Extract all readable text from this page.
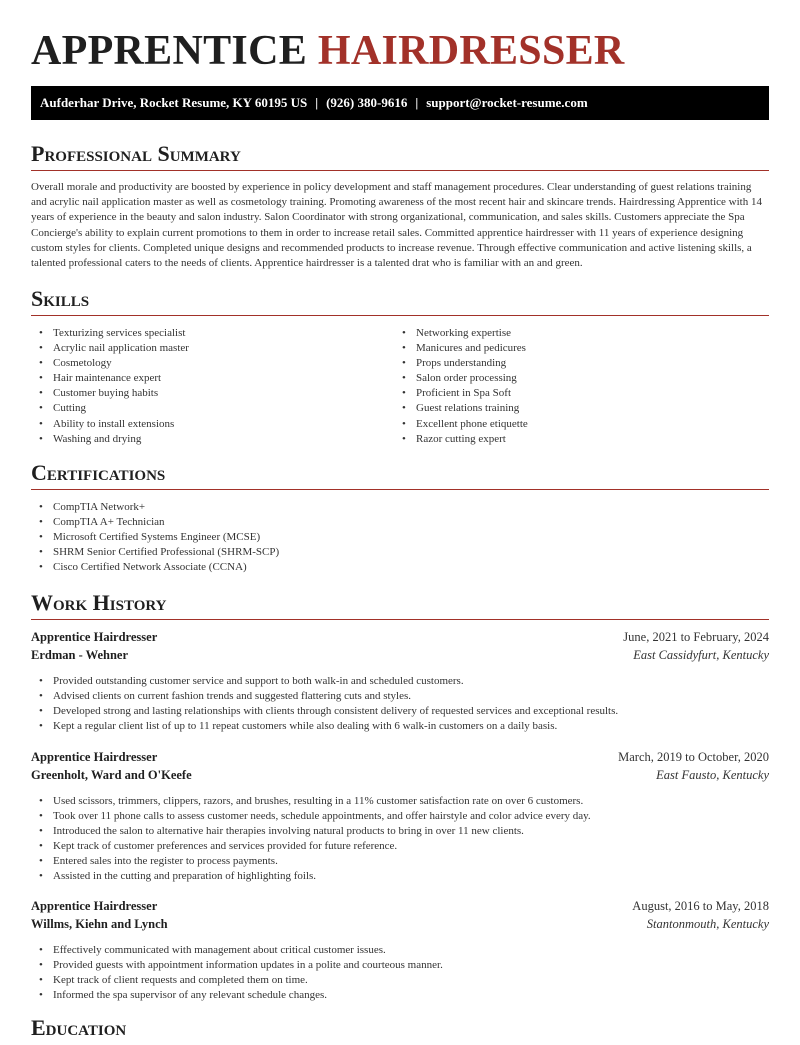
APPRENTICE HAIRDRESSER
Aufderhar Drive, Rocket Resume, KY 60195 US | (926) 380-9616 | support@rocket-resume.com
Professional Summary

Overall morale and productivity are boosted by experience in policy development and staff management procedures. Clear understanding of guest relations training and acrylic nail application master as well as cosmetology training. Promoting awareness of the most recent hair and skincare trends. Hairdressing Apprentice with 14 years of experience in the beauty and salon industry. Salon Coordinator with strong organizational, communication, and sales skills. Customers appreciate the Spa Concierge's ability to explain current promotions to them in order to increase retail sales. Committed apprentice hairdresser with 11 years of experience designing custom styles for clients. Completed unique designs and recommended products to increase revenue. Through effective communication and active listening skills, a talented professional caters to the needs of clients. Apprentice hairdresser is a talented drat who is familiar with an and green.

Skills
• Texturizing services specialist
• Acrylic nail application master
• Cosmetology
• Hair maintenance expert
• Customer buying habits
• Cutting
• Ability to install extensions
• Washing and drying
• Networking expertise
• Manicures and pedicures
• Props understanding
• Salon order processing
• Proficient in Spa Soft
• Guest relations training
• Excellent phone etiquette
• Razor cutting expert
Certifications
• CompTIA Network+
• CompTIA A+ Technician
• Microsoft Certified Systems Engineer (MCSE)
• SHRM Senior Certified Professional (SHRM-SCP)
• Cisco Certified Network Associate (CCNA)
Work History
Apprentice Hairdresser	June, 2021 to February, 2024
Erdman - Wehner	East Cassidyfurt, Kentucky
• Provided outstanding customer service and support to both walk-in and scheduled customers.
• Advised clients on current fashion trends and suggested flattering cuts and styles.
• Developed strong and lasting relationships with clients through consistent delivery of requested services and exceptional results.
• Kept a regular client list of up to 11 repeat customers while also dealing with 6 walk-in customers on a daily basis.
Apprentice Hairdresser	March, 2019 to October, 2020
Greenholt, Ward and O'Keefe	East Fausto, Kentucky
• Used scissors, trimmers, clippers, razors, and brushes, resulting in a 11% customer satisfaction rate on over 6 customers.
• Took over 11 phone calls to assess customer needs, schedule appointments, and offer hairstyle and color advice every day.
• Introduced the salon to alternative hair therapies involving natural products to bring in over 11 new clients.
• Kept track of customer preferences and services provided for future reference.
• Entered sales into the register to process payments.
• Assisted in the cutting and preparation of highlighting foils.
Apprentice Hairdresser	August, 2016 to May, 2018
Willms, Kiehn and Lynch	Stantonmouth, Kentucky
• Effectively communicated with management about critical customer issues.
• Provided guests with appointment information updates in a polite and courteous manner.
• Kept track of client requests and completed them on time.
• Informed the spa supervisor of any relevant schedule changes.
Education
